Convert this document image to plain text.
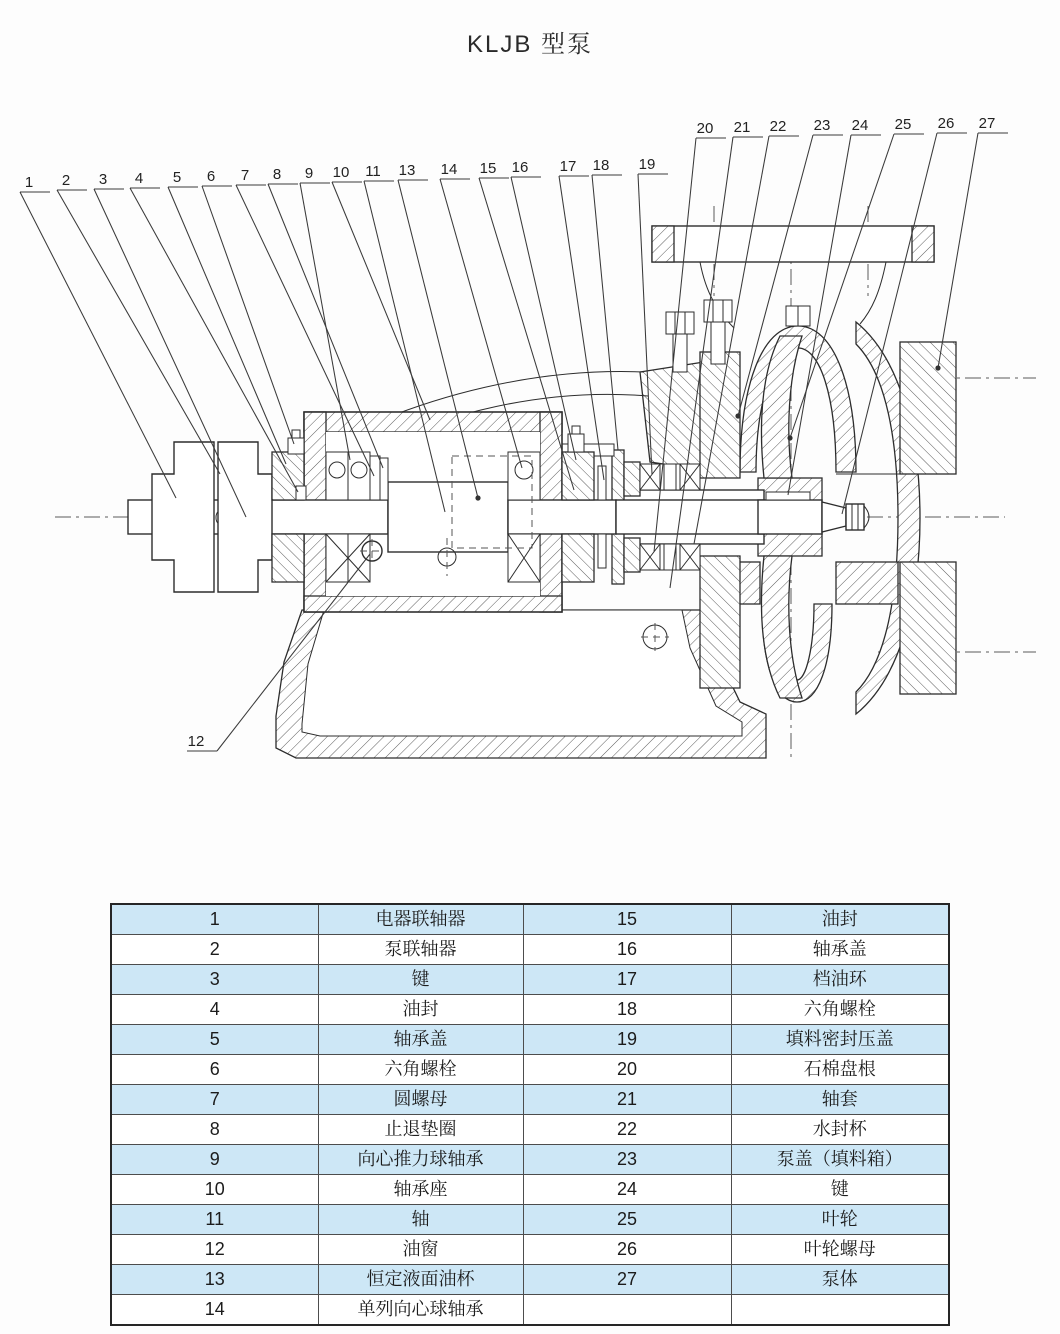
KLJB 型泵
1 2 3 4 5 6 7 8 9 10 11 13 14 15 16 17 18 19
12
20 21 22 23 24 25 26 27
1	电器联轴器	15	油封
2	泵联轴器	16	轴承盖
3	键	17	档油环
4	油封	18	六角螺栓
5	轴承盖	19	填料密封压盖
6	六角螺栓	20	石棉盘根
7	圆螺母	21	轴套
8	止退垫圈	22	水封杯
9	向心推力球轴承	23	泵盖（填料箱）
10	轴承座	24	键
11	轴	25	叶轮
12	油窗	26	叶轮螺母
13	恒定液面油杯	27	泵体
14	单列向心球轴承		
